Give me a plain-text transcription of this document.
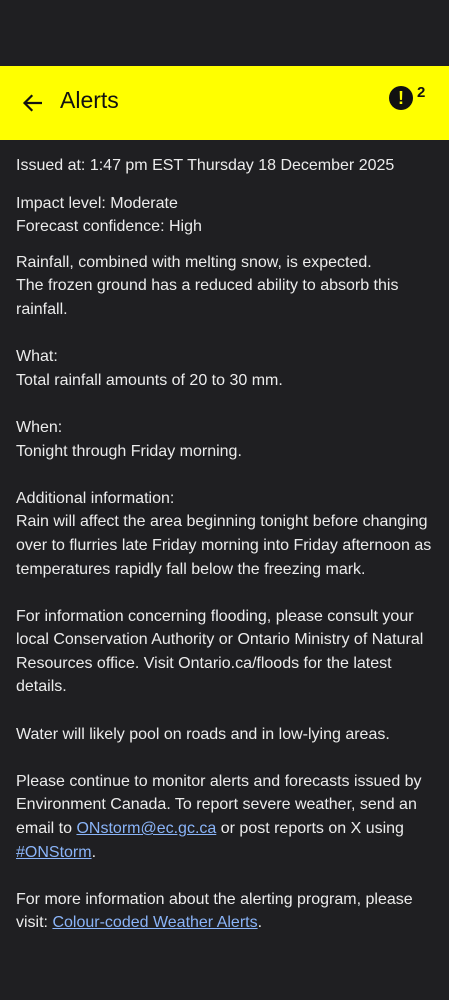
Alerts	! 2

Issued at: 1:47 pm EST Thursday 18 December 2025

Impact level: Moderate

Forecast confidence: High

Rainfall, combined with melting snow, is expected.

The frozen ground has a reduced ability to absorb this rainfall.

What:

Total rainfall amounts of 20 to 30 mm.

When:

Tonight through Friday morning.

Additional information:

Rain will affect the area beginning tonight before changing over to flurries late Friday morning into Friday afternoon as temperatures rapidly fall below the freezing mark.

For information concerning flooding, please consult your local Conservation Authority or Ontario Ministry of Natural Resources office. Visit Ontario.ca/floods for the latest details.

Water will likely pool on roads and in low-lying areas.

Please continue to monitor alerts and forecasts issued by Environment Canada. To report severe weather, send an email to ONstorm@ec.gc.ca or post reports on X using #ONStorm.

For more information about the alerting program, please visit: Colour-coded Weather Alerts.
